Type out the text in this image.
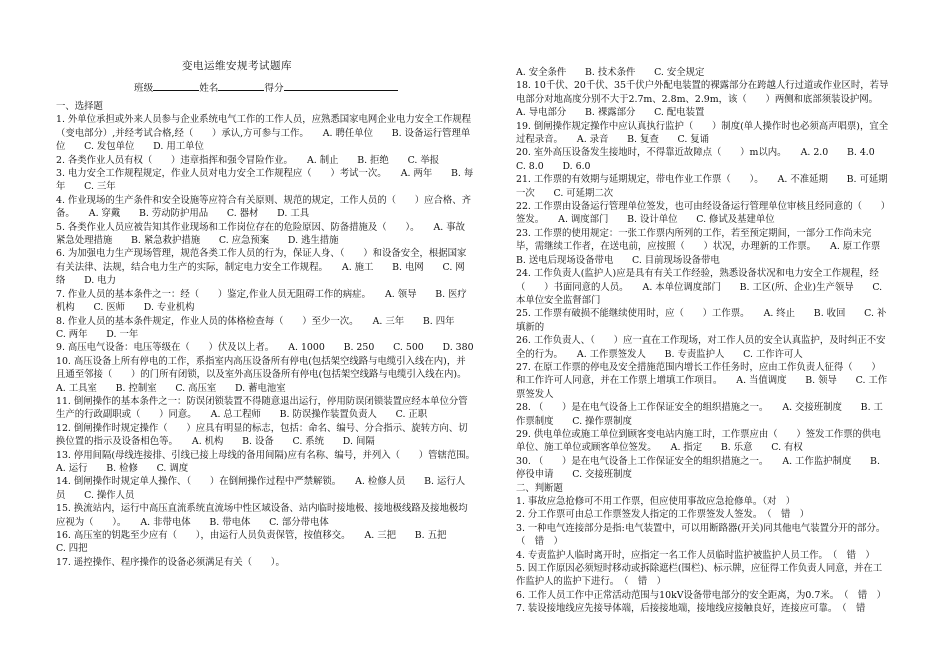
变电运维安规考试题库
班级	姓名	得分

一、选择题

1. 外单位承担或外来人员参与企业系统电气工作的工作人员，应熟悉国家电网企业电力安全工作规程（变电部分）,并经考试合格,经（　　）承认,方可参与工作。　　A. 聘任单位　　B. 设备运行管理单位　　C. 发包单位　　D. 用工单位

2. 各类作业人员有权（　　）违章指挥和强令冒险作业。　　A. 制止　　B. 拒绝　　C. 举报

3. 电力安全工作规程规定，作业人员对电力安全工作规程应（　　）考试一次。　　A. 两年　　B. 每年　　C. 三年

4. 作业现场的生产条件和安全设施等应符合有关原则、规范的规定，工作人员的（　　）应合格、齐备。　　A. 穿戴　　B. 劳动防护用品　　C. 器材　　D. 工具

5. 各类作业人员应被告知其作业现场和工作岗位存在的危险原因、防备措施及（　　）。　　A. 事故紧急处理措施　　B. 紧急救护措施　　C. 应急预案　　D. 逃生措施

6. 为加强电力生产现场管理，规范各类工作人员的行为，保证人身、（　　）和设备安全，根据国家有关法律、法规，结合电力生产的实际，制定电力安全工作规程。　　A. 施工　　B. 电网　　C. 网络　　D. 电力

7. 作业人员的基本条件之一：经（　　）鉴定,作业人员无阻碍工作的病症。　　A. 领导　　B. 医疗机构　　C. 医师　　D. 专业机构

8. 作业人员的基本条件规定，作业人员的体格检查每（　　）至少一次。　　A. 三年　　B. 四年　　C. 两年　　D. 一年

9. 高压电气设备：电压等级在（　　）伏及以上者。　　A. 1000　　B. 250　　C. 500　　D. 380

10. 高压设备上所有停电的工作，系指室内高压设备所有停电(包括架空线路与电缆引入线在内)，并且通至邻接（　　）的门所有闭锁，以及室外高压设备所有停电(包括架空线路与电缆引入线在内)。　　A. 工具室　　B. 控制室　　C. 高压室　　D. 蓄电池室

11. 倒闸操作的基本条件之一：防误闭锁装置不得随意退出运行，停用防误闭锁装置应经本单位分管生产的行政副职或（　　）同意。　　A. 总工程师　　B. 防误操作装置负责人　　C. 正职

12. 倒闸操作时规定操作（　　）应具有明显的标志，包括：命名、编号、分合指示、旋转方向、切换位置的指示及设备相色等。　　A. 机构　　B. 设备　　C. 系统　　D. 间隔

13. 停用间隔(母线连接排、引线已接上母线的备用间隔)应有名称、编号，并列入（　　）管辖范围。　　A. 运行　　B. 检修　　C. 调度

14. 倒闸操作时规定单人操作、（　　）在倒闸操作过程中严禁解锁。　　A. 检修人员　　B. 运行人员　　C. 操作人员

15. 换流站内，运行中高压直流系统直流场中性区域设备、站内临时接地极、接地极线路及接地极均应视为（　　）。　　A. 非带电体　　B. 带电体　　C. 部分带电体

16. 高压室的钥匙至少应有（　　），由运行人员负责保管，按值移交。　　A. 三把　　B. 五把　　C. 四把

17. 遥控操作、程序操作的设备必须满足有关（　　）。

A. 安全条件　　B. 技术条件　　C. 安全规定

18. 10千伏、20千伏、35千伏户外配电装置的裸露部分在跨越人行过道或作业区时，若导电部分对地高度分别不大于2.7m、2.8m、2.9m，该（　　）两侧和底部须装设护网。　　A. 导电部分　　B. 裸露部分　　C. 配电装置

19. 倒闸操作规定操作中应认真执行监护（　　）制度(单人操作时也必须高声唱票)，宜全过程录音。　　A. 录音　　B. 复查　　C. 复诵

20. 室外高压设备发生接地时，不得靠近故障点（　　）m以内。　　A. 2.0　　B. 4.0　　C. 8.0　　D. 6.0

21. 工作票的有效期与延期规定，带电作业工作票（　　）。　　A. 不准延期　　B. 可延期一次　　C. 可延期二次

22. 工作票由设备运行管理单位签发，也可由经设备运行管理单位审核且经同意的（　　）签发。　　A. 调度部门　　B. 设计单位　　C. 修试及基建单位

23. 工作票的使用规定：一张工作票内所列的工作，若至预定期间，一部分工作尚未完毕，需继续工作者，在送电前，应按照（　　）状况，办理新的工作票。　　A. 原工作票　　B. 送电后现场设备带电　　C. 目前现场设备带电

24. 工作负责人(监护人)应是具有有关工作经验，熟悉设备状况和电力安全工作规程，经（　　）书面同意的人员。　　A. 本单位调度部门　　B. 工区(所、企业)生产领导　　C. 本单位安全监督部门

25. 工作票有破损不能继续使用时，应（　　）工作票。　　A. 终止　　B. 收回　　C. 补填新的

26. 工作负责人、（　　）应一直在工作现场，对工作人员的安全认真监护，及时纠正不安全的行为。　　A. 工作票签发人　　B. 专责监护人　　C. 工作许可人

27. 在原工作票的停电及安全措施范围内增长工作任务时，应由工作负责人征得（　　）和工作许可人同意，并在工作票上增填工作项目。　　A. 当值调度　　B. 领导　　C. 工作票签发人

28. （　　）是在电气设备上工作保证安全的组织措施之一。　　A. 交接班制度　　B. 工作票制度　　C. 操作票制度

29. 供电单位或施工单位到顾客变电站内施工时，工作票应由（　　）签发工作票的供电单位、施工单位或顾客单位签发。　　A. 指定　　B. 乐意　　C. 有权

30. （　　）是在电气设备上工作保证安全的组织措施之一。　　A. 工作监护制度　　B. 停役申请　　C. 交接班制度

二、判断题

1. 事故应急抢修可不用工作票，但应使用事故应急抢修单。（对　）

2. 分工作票可由总工作票签发人指定的工作票签发人签发。　（　错　）

3. 一种电气连接部分是指:电气装置中，可以用断路器(开关)同其他电气装置分开的部分。　（　错　）

4. 专责监护人临时离开时，应指定一名工作人员临时监护被监护人员工作。　（　错　）

5. 因工作原因必须短时移动或拆除遮栏(围栏)、标示牌，应征得工作负责人同意，并在工作监护人的监护下进行。　（　错　）

6. 工作人员工作中正常活动范围与10kV设备带电部分的安全距离，为0.7米。　（　错　）

7. 装设接地线应先接导体端，后接接地端，接地线应接触良好，连接应可靠。　（　错
